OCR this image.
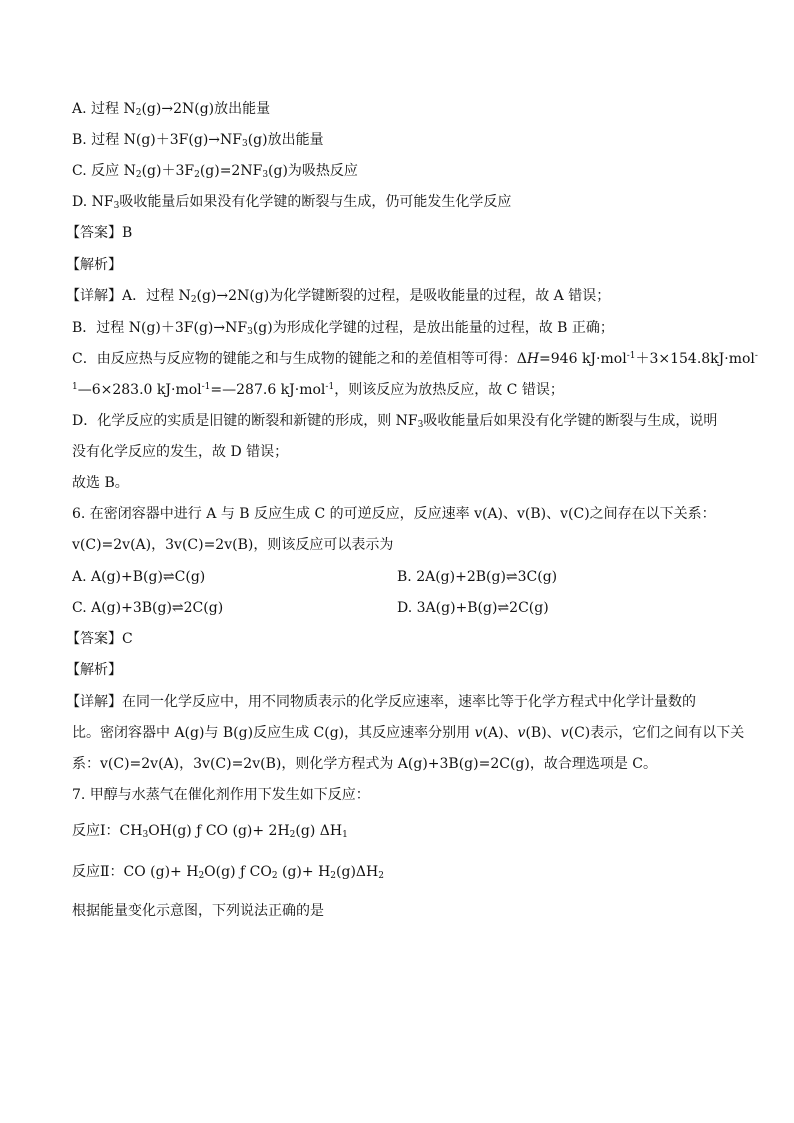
A. 过程 $N_2(g)\to 2N(g)$放出能量
B. 过程 $N(g)+3F(g)\to NF_3(g)$放出能量
C. 反应 $N_2(g)+3F_2(g)=2NF_3(g)$为吸热反应
D. $NF_3$吸收能量后如果没有化学键的断裂与生成，仍可能发生化学反应
【答案】B
【解析】
【详解】A．过程 $N_2(g)\to 2N(g)$为化学键断裂的过程，是吸收能量的过程，故 A 错误；
B．过程 $N(g)+3F(g)\to NF_3(g)$为形成化学键的过程，是放出能量的过程，故 B 正确；
C．由反应热与反应物的键能之和与生成物的键能之和的差值相等可得：ΔH=946 kJ·mol$^{-1}$＋3×154.8kJ·mol-
$^1$—6×283.0 kJ·mol$^{-1}$=—287.6 kJ·mol$^{-1}$，则该反应为放热反应，故 C 错误；
D．化学反应的实质是旧键的断裂和新键的形成，则 $NF_3$吸收能量后如果没有化学键的断裂与生成，说明
没有化学反应的发生，故 D 错误；
故选 B。
6. 在密闭容器中进行 A 与 B 反应生成 C 的可逆反应，反应速率 v(A)、v(B)、v(C)之间存在以下关系：
v(C)=2v(A)，3v(C)=2v(B)，则该反应可以表示为
A. A(g)+B(g)⇌C(g)	B. 2A(g)+2B(g)⇌3C(g)
C. A(g)+3B(g)⇌2C(g)	D. 3A(g)+B(g)⇌2C(g)
【答案】C
【解析】
【详解】在同一化学反应中，用不同物质表示的化学反应速率，速率比等于化学方程式中化学计量数的
比。密闭容器中 A(g)与 B(g)反应生成 C(g)，其反应速率分别用 v(A)、v(B)、v(C)表示，它们之间有以下关
系：v(C)=2v(A)，3v(C)=2v(B)，则化学方程式为 A(g)+3B(g)=2C(g)，故合理选项是 C。
7. 甲醇与水蒸气在催化剂作用下发生如下反应：
反应Ⅰ：$CH_3OH(g)$ ƒ CO $(g)+ 2H_2(g)$ $\Delta H_1$
反应Ⅱ：CO $(g)+ H_2O(g)$ ƒ $CO_2$ $(g)+ H_2(g)\Delta H_2$
根据能量变化示意图，下列说法正确的是
